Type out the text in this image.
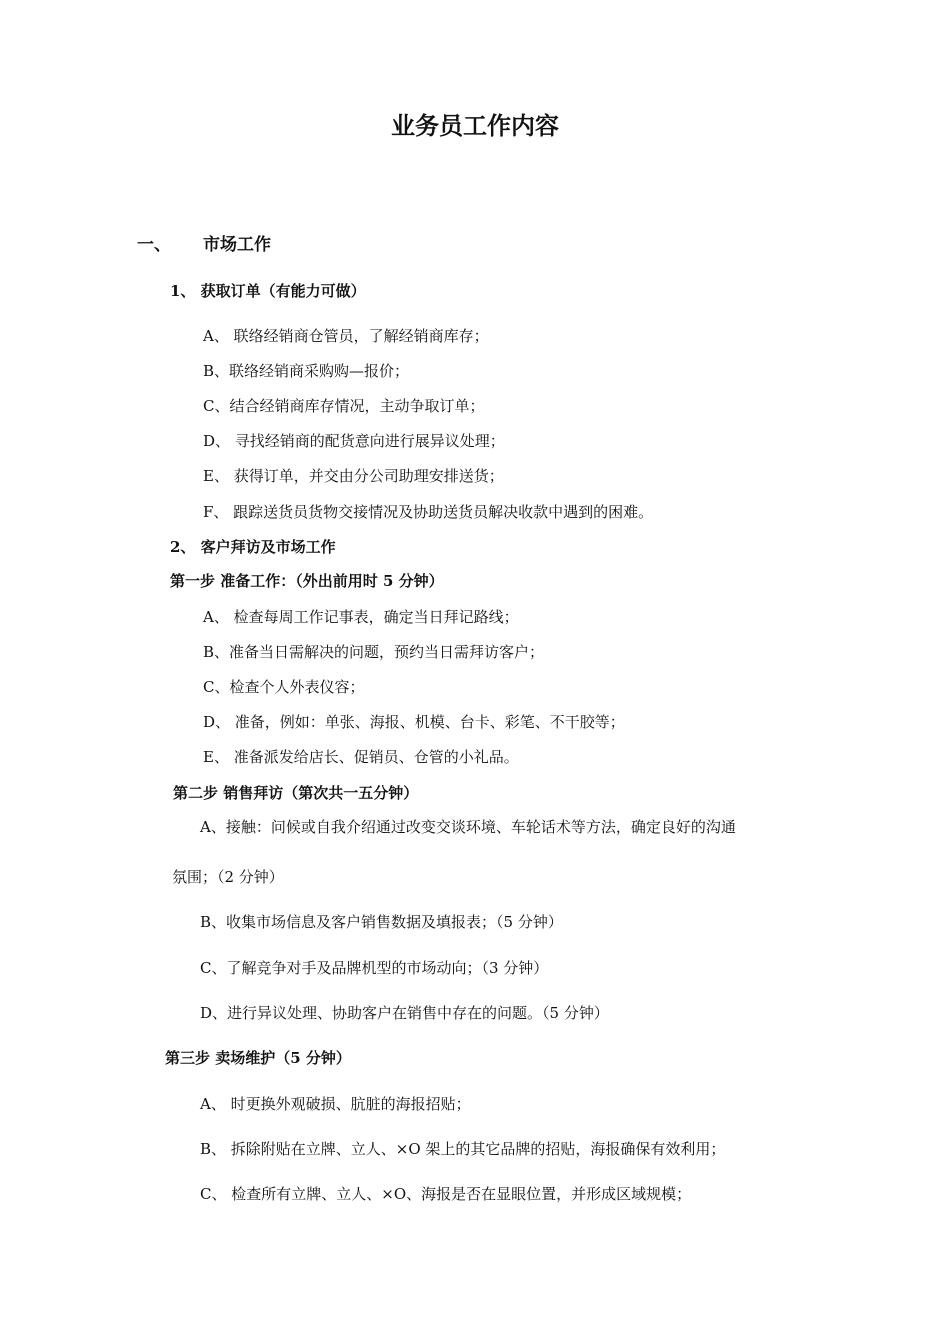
业务员工作内容
一、 市场工作
1、 获取订单（有能力可做）
A、 联络经销商仓管员，了解经销商库存；
B、联络经销商采购购—报价；
C、结合经销商库存情况，主动争取订单；
D、 寻找经销商的配货意向进行展异议处理；
E、 获得订单，并交由分公司助理安排送货；
F、 跟踪送货员货物交接情况及协助送货员解决收款中遇到的困难。
2、 客户拜访及市场工作
第一步 准备工作：（外出前用时 5 分钟）
A、 检查每周工作记事表，确定当日拜记路线；
B、准备当日需解决的问题，预约当日需拜访客户；
C、检查个人外表仪容；
D、 准备，例如：单张、海报、机模、台卡、彩笔、不干胶等；
E、 准备派发给店长、促销员、仓管的小礼品。
第二步 销售拜访（第次共一五分钟）
A、接触：问候或自我介绍通过改变交谈环境、车轮话术等方法，确定良好的沟通
氛围；（2 分钟）
B、收集市场信息及客户销售数据及填报表；（5 分钟）
C、了解竞争对手及品牌机型的市场动向；（3 分钟）
D、进行异议处理、协助客户在销售中存在的问题。（5 分钟）
第三步 卖场维护（5 分钟）
A、 时更换外观破损、肮脏的海报招贴；
B、 拆除附贴在立牌、立人、×O 架上的其它品牌的招贴，海报确保有效利用；
C、 检查所有立牌、立人、×O、海报是否在显眼位置，并形成区域规模；
